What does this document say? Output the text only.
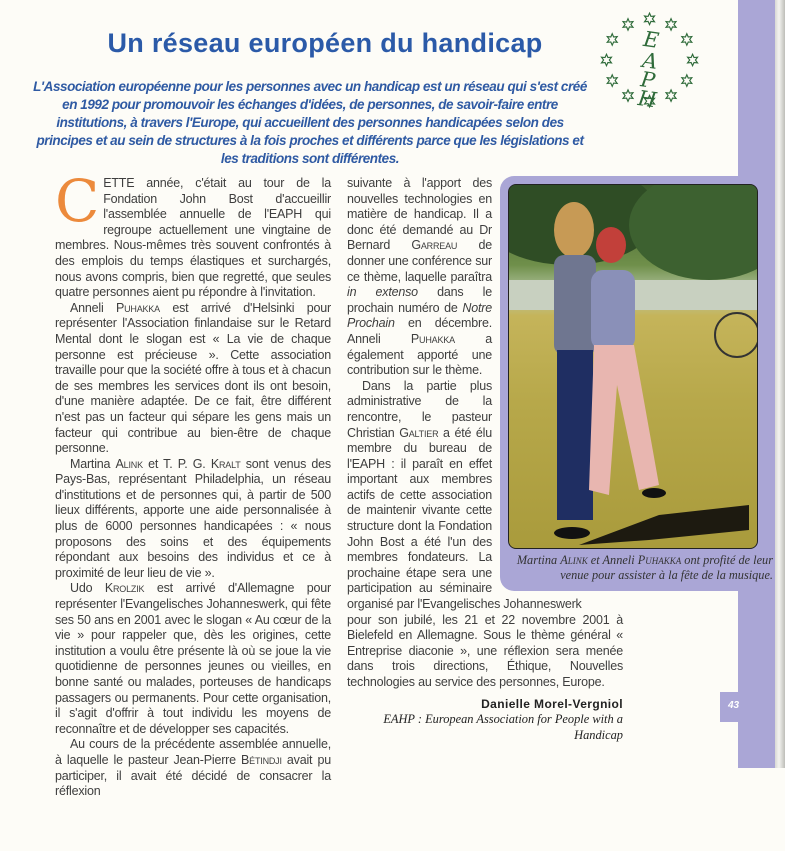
Un réseau européen du handicap	E
A
P
H
L'Association européenne pour les personnes avec un handicap est un réseau qui s'est créé en 1992 pour promouvoir les échanges d'idées, de personnes, de savoir-faire entre institutions, à travers l'Europe, qui accueillent des personnes handicapées selon des principes et au sein de structures à la fois proches et différents parce que les législations et les traditions sont différentes.

CETTE année, c'était au tour de la Fondation John Bost d'accueillir l'assemblée annuelle de l'EAPH qui regroupe actuellement une vingtaine de membres. Nous-mêmes très souvent confrontés à des emplois du temps élastiques et surchargés, nous avons compris, bien que regretté, que seules quatre personnes aient pu répondre à l'invitation.

Anneli Puhakka est arrivé d'Helsinki pour représenter l'Association finlandaise sur le Retard Mental dont le slogan est « La vie de chaque personne est précieuse ». Cette association travaille pour que la société offre à tous et à chacun de ses membres les services dont ils ont besoin, d'une manière adaptée. De ce fait, être différent n'est pas un facteur qui sépare les gens mais un facteur qui contribue au bien-être de chaque personne.

Martina Alink et T. P. G. Kralt sont venus des Pays-Bas, représentant Philadelphia, un réseau d'institutions et de personnes qui, à partir de 500 lieux différents, apporte une aide personnalisée à plus de 6000 personnes handicapées : « nous proposons des soins et des équipements répondant aux besoins des individus et ce à proximité de leur lieu de vie ».

Udo Krolzik est arrivé d'Allemagne pour représenter l'Evangelisches Johanneswerk, qui fête ses 50 ans en 2001 avec le slogan « Au cœur de la vie » pour rappeler que, dès les origines, cette institution a voulu être présente là où se joue la vie quotidienne de personnes jeunes ou vieilles, en bonne santé ou malades, porteuses de handicaps passagers ou permanents. Pour cette organisation, il s'agit d'offrir à tout individu les moyens de reconnaître et de développer ses capacités.

Au cours de la précédente assemblée annuelle, à laquelle le pasteur Jean-Pierre Bétindji avait pu participer, il avait été décidé de consacrer la réflexion

Martina Alink et Anneli Puhakka ont profité de leur venue pour assister à la fête de la musique.

suivante à l'apport des nouvelles technologies en matière de handicap. Il a donc été demandé au Dr Bernard Garreau de donner une conférence sur ce thème, laquelle paraîtra in extenso dans le prochain numéro de Notre Prochain en décembre. Anneli Puhakka a également apporté une contribution sur le thème.

Dans la partie plus administrative de la rencontre, le pasteur Christian Galtier a été élu membre du bureau de l'EAPH : il paraît en effet important aux membres actifs de cette association de maintenir vivante cette structure dont la Fondation John Bost a été l'un des membres fondateurs. La prochaine étape sera une participation au séminaire organisé par l'Evangelisches Johanneswerk

pour son jubilé, les 21 et 22 novembre 2001 à Bielefeld en Allemagne. Sous le thème général « Entreprise diaconie », une réflexion sera menée dans trois directions, Éthique, Nouvelles technologies au service des personnes, Europe.

Danielle Morel-Vergniol
EAHP : European Association for People with a Handicap
43
